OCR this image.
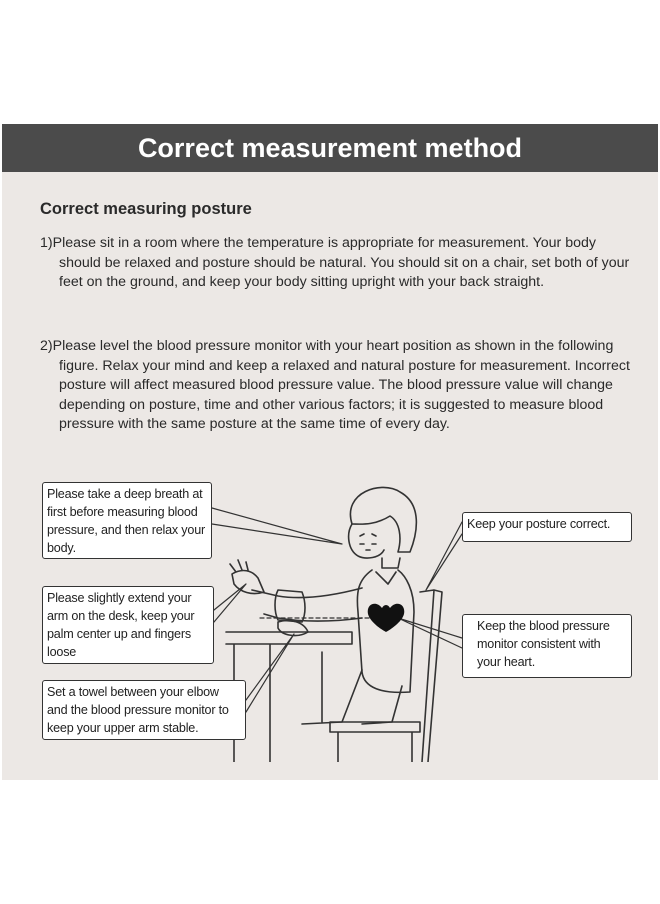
Correct measurement method
Correct measuring posture
1)Please sit in a room where the temperature is appropriate for measurement. Your body should be relaxed and posture should be natural. You should sit on a chair, set both of your feet on the ground, and keep your body sitting upright with your back straight.
2)Please level the blood pressure monitor with your heart position as shown in the following figure. Relax your mind and keep a relaxed and natural posture for measurement. Incorrect posture will affect measured blood pressure value. The blood pressure value will change depending on posture, time and other various factors; it is suggested to measure blood pressure with the same posture at the same time of every day.
Please take a deep breath at first before measuring blood pressure, and then relax your body.
Please slightly extend your arm on the desk, keep your palm center up and fingers loose
Set a towel between your elbow and the blood pressure monitor to keep your upper arm stable.
Keep your posture correct.
Keep the blood pressure monitor consistent with your heart.
